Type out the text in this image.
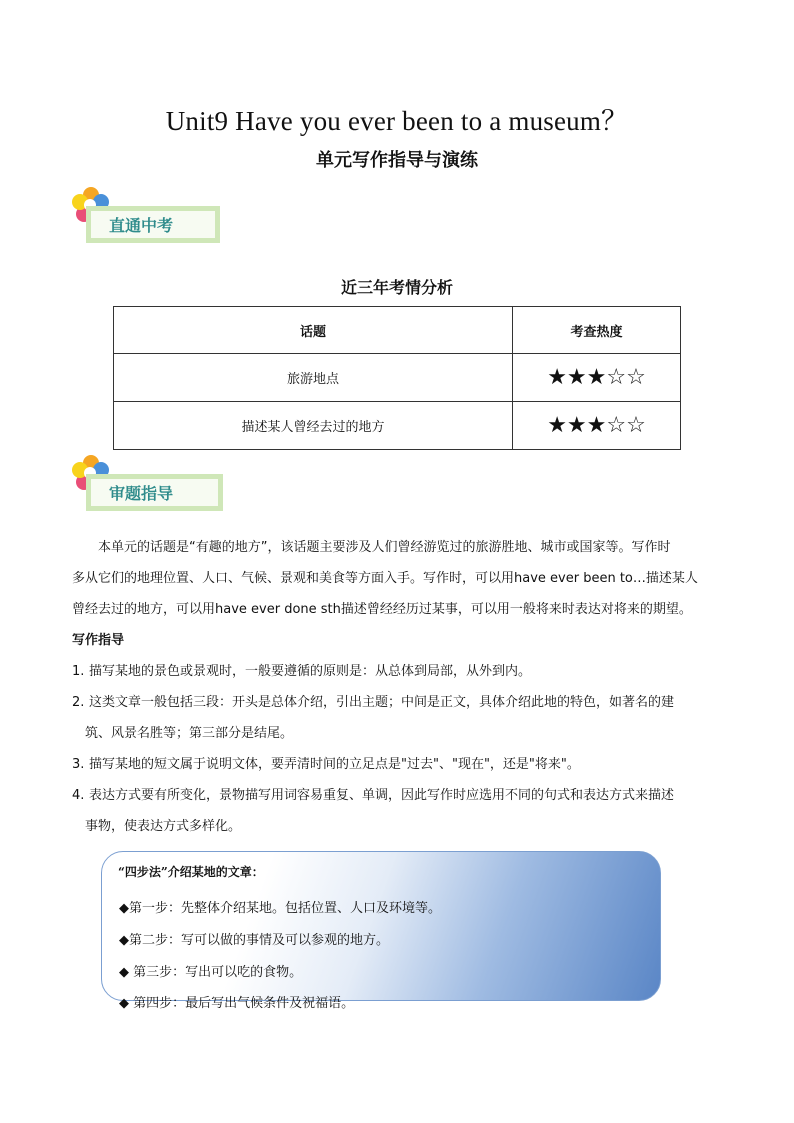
Unit9 Have you ever been to a museum？
单元写作指导与演练
直通中考
近三年考情分析
话题	考查热度
旅游地点	★★★☆☆
描述某人曾经去过的地方	★★★☆☆
审题指导
本单元的话题是“有趣的地方”，该话题主要涉及人们曾经游览过的旅游胜地、城市或国家等。写作时
多从它们的地理位置、人口、气候、景观和美食等方面入手。写作时，可以用have ever been to…描述某人
曾经去过的地方，可以用have ever done sth描述曾经经历过某事，可以用一般将来时表达对将来的期望。
写作指导
1. 描写某地的景色或景观时，一般要遵循的原则是：从总体到局部，从外到内。
2. 这类文章一般包括三段：开头是总体介绍，引出主题；中间是正文，具体介绍此地的特色，如著名的建
筑、风景名胜等；第三部分是结尾。
3. 描写某地的短文属于说明文体，要弄清时间的立足点是"过去"、"现在"，还是"将来"。
4. 表达方式要有所变化，景物描写用词容易重复、单调，因此写作时应选用不同的句式和表达方式来描述
事物，使表达方式多样化。
“四步法”介绍某地的文章：
◆第一步：先整体介绍某地。包括位置、人口及环境等。
◆第二步：写可以做的事情及可以参观的地方。
◆ 第三步：写出可以吃的食物。
◆ 第四步：最后写出气候条件及祝福语。
